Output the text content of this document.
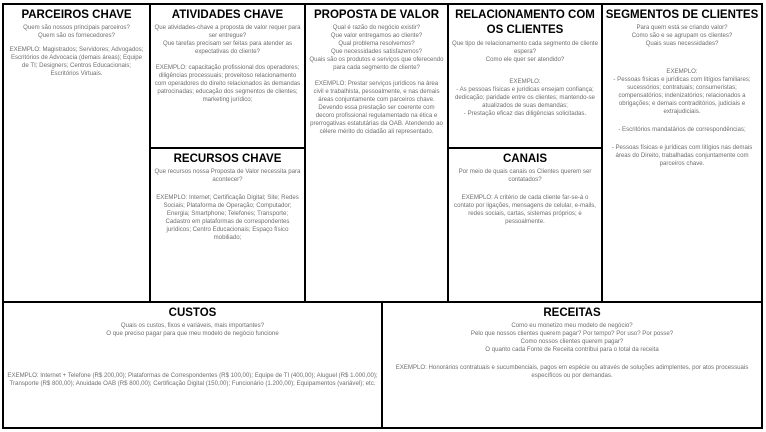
PARCEIROS CHAVE
Quem são nossos principais parceiros?
Quem são os fornecedores?
EXEMPLO: Magistrados; Servidores; Advogados; Escritórios de Advocacia (demais áreas); Equipe de TI; Designers; Centros Educacionais; Escritórios Virtuais.
ATIVIDADES CHAVE
Que atividades-chave a proposta de valor requer para ser entregue?
Que tarefas precisam ser feitas para atender as expectativas do cliente?
EXEMPLO: capacitação profissional dos operadores; diligências processuais; proveitoso relacionamento com operadores do direito relacionados às demandas patrocinadas; educação dos segmentos de clientes; marketing jurídico;
RECURSOS CHAVE
Que recursos nossa Proposta de Valor necessita para acontecer?
EXEMPLO: Internet; Certificação Digital; Site; Redes Sociais; Plataforma de Operação; Computador; Energia; Smartphone; Telefones; Transporte; Cadastro em plataformas de correspondentes jurídicos; Centro Educacionais; Espaço físico mobiliado;
PROPOSTA DE VALOR
Qual é razão do negócio existir?
Que valor entregamos ao cliente?
Qual problema resolvemos?
Que necessidades satisfazemos?
Quais são os produtos e serviços que oferecendo para cada segmento de cliente?
EXEMPLO: Prestar serviços jurídicos na área civil e trabalhista, pessoalmente, e nas demais áreas conjuntamente com parceiros chave. Devendo essa prestação ser coerente com decoro profissional regulamentado na ética e prerrogativas estatutárias da OAB. Atendendo ao célere mérito do cidadão ali representado.
RELACIONAMENTO COM OS CLIENTES
Que tipo de relacionamento cada segmento de cliente espera?
Como ele quer ser atendido?
EXEMPLO:
- As pessoas físicas e jurídicas ensejam confiança; dedicação; paridade entre os clientes; mantendo-se atualizados de suas demandas;
- Prestação eficaz das diligências solicitadas.
CANAIS
Por meio de quais canais os Clientes querem ser contatados?
EXEMPLO: A critério de cada cliente far-se-á o contato por ligações, mensagens de celular, e-mails, redes sociais, cartas, sistemas próprios; e pessoalmente.
SEGMENTOS DE CLIENTES
Para quem está se criando valor?
Como são e se agrupam os clientes?
Quais suas necessidades?
EXEMPLO:
- Pessoas físicas e jurídicas com litígios familiares; sucessórios; contratuais; consumeristas; compensatórios; indenizatórios; relacionados a obrigações; e demais contraditórios, judiciais e extrajudiciais.
- Escritórios mandatários de correspondências;
- Pessoas físicas e jurídicas com litígios nas demais áreas do Direito, trabalhadas conjuntamente com parceiros chave.
CUSTOS
Quais os custos, fixos e variáveis, mais importantes?
O que preciso pagar para que meu modelo de negócio funcione
EXEMPLO: Internet + Telefone (R$ 200,00); Plataformas de Correspondentes (R$ 100,00); Equipe de TI (400,00); Aluguel (R$ 1.000,00); Transporte (R$ 800,00); Anuidade OAB (R$ 800,00); Certificação Digital (150,00); Funcionário (1.200,00); Equipamentos (variável); etc.
RECEITAS
Como eu monetizo meu modelo de negócio?
Pelo que nossos clientes querem pagar? Por tempo? Por uso? Por posse?
Como nossos clientes querem pagar?
O quanto cada Fonte de Receita contribui para o total da receita
EXEMPLO: Honorários contratuais e sucumbenciais, pagos em espécie ou através de soluções adimplentes, por atos processuais específicos ou por demandas.
